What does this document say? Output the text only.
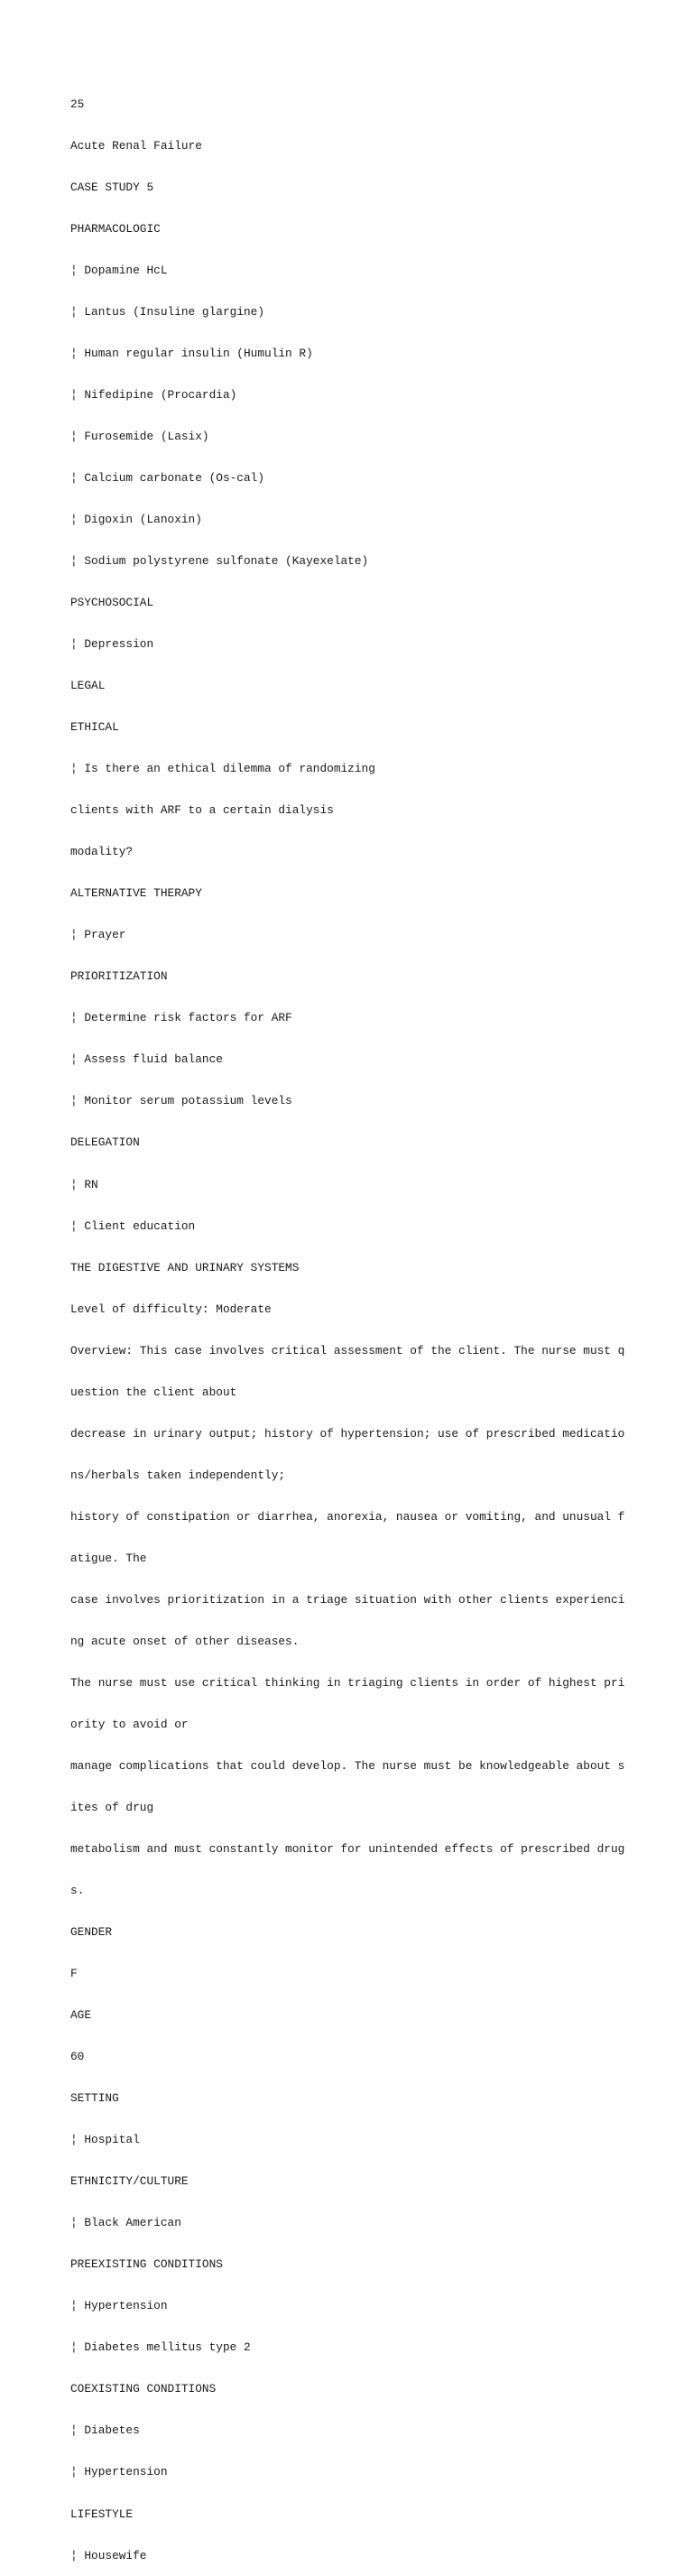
25

Acute Renal Failure

CASE STUDY 5

PHARMACOLOGIC

¦ Dopamine HcL

¦ Lantus (Insuline glargine)

¦ Human regular insulin (Humulin R)

¦ Nifedipine (Procardia)

¦ Furosemide (Lasix)

¦ Calcium carbonate (Os-cal)

¦ Digoxin (Lanoxin)

¦ Sodium polystyrene sulfonate (Kayexelate)

PSYCHOSOCIAL

¦ Depression

LEGAL

ETHICAL

¦ Is there an ethical dilemma of randomizing

clients with ARF to a certain dialysis

modality?

ALTERNATIVE THERAPY

¦ Prayer

PRIORITIZATION

¦ Determine risk factors for ARF

¦ Assess fluid balance

¦ Monitor serum potassium levels

DELEGATION

¦ RN

¦ Client education

THE DIGESTIVE AND URINARY SYSTEMS

Level of difficulty: Moderate

Overview: This case involves critical assessment of the client. The nurse must q

uestion the client about

decrease in urinary output; history of hypertension; use of prescribed medicatio

ns/herbals taken independently;

history of constipation or diarrhea, anorexia, nausea or vomiting, and unusual f

atigue. The

case involves prioritization in a triage situation with other clients experienci

ng acute onset of other diseases.

The nurse must use critical thinking in triaging clients in order of highest pri

ority to avoid or

manage complications that could develop. The nurse must be knowledgeable about s

ites of drug

metabolism and must constantly monitor for unintended effects of prescribed drug

s.

GENDER

F

AGE

60

SETTING

¦ Hospital

ETHNICITY/CULTURE

¦ Black American

PREEXISTING CONDITIONS

¦ Hypertension

¦ Diabetes mellitus type 2

COEXISTING CONDITIONS

¦ Diabetes

¦ Hypertension

LIFESTYLE

¦ Housewife
